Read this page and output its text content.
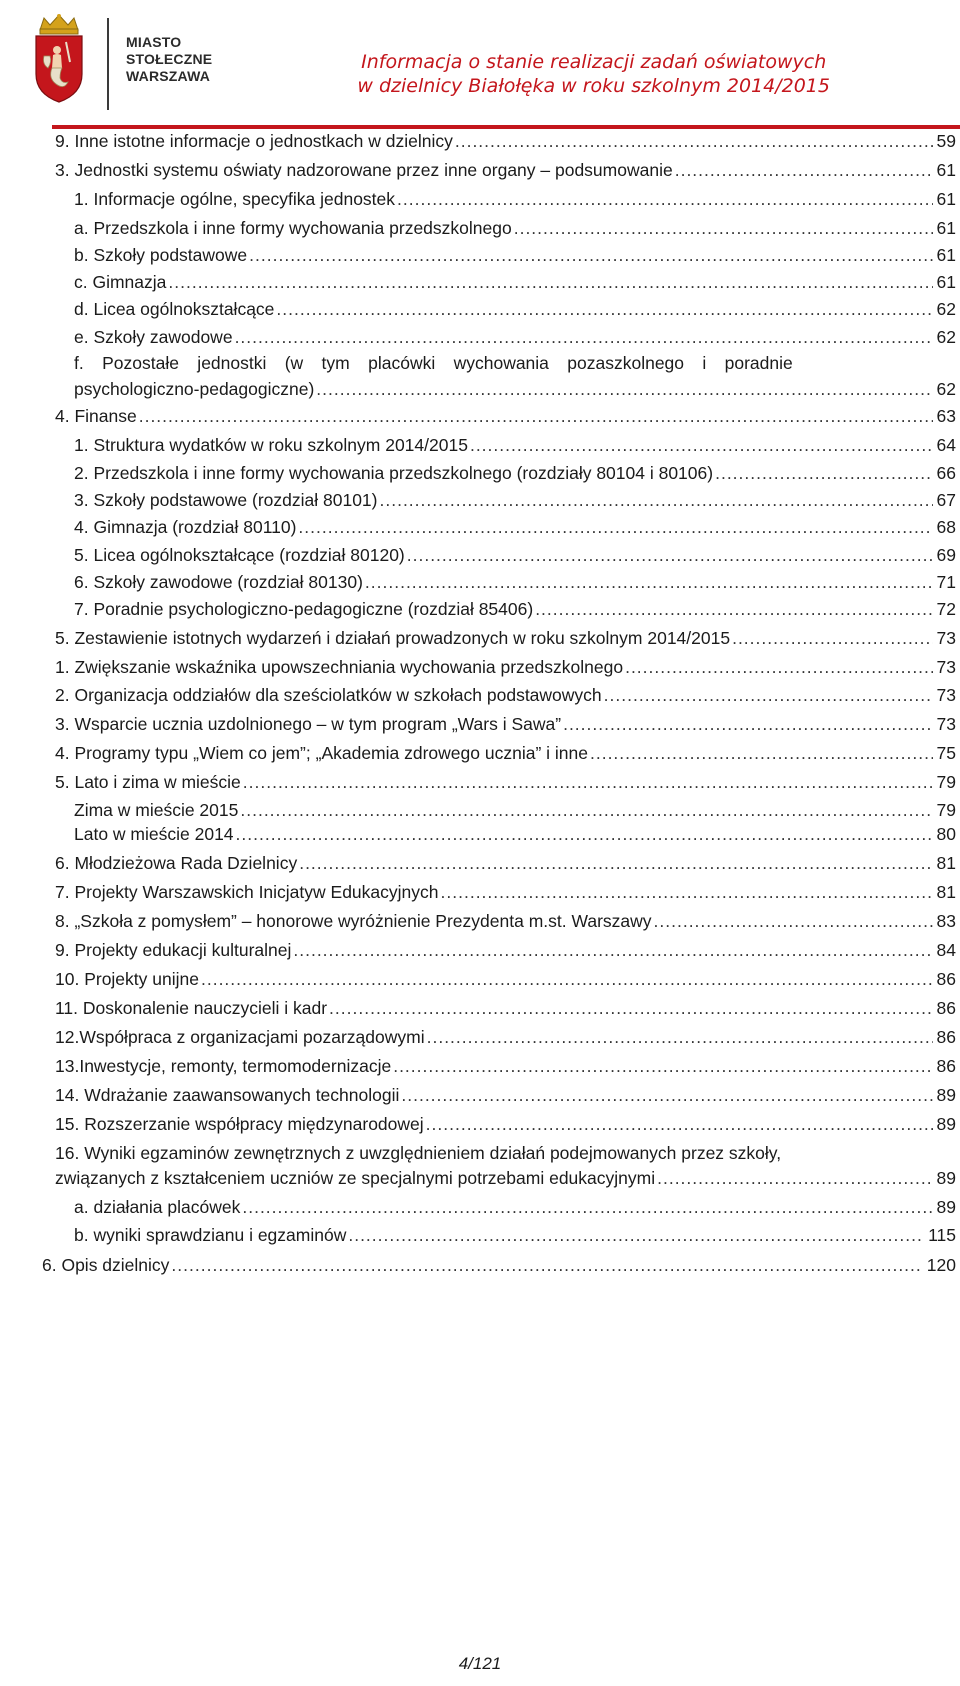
MIASTO
STOŁECZNE
WARSZAWA
Informacja o stanie realizacji zadań oświatowych
w dzielnicy Białołęka w roku szkolnym 2014/2015
9. Inne istotne informacje o jednostkach w dzielnicy .....	59
3. Jednostki systemu oświaty nadzorowane przez inne organy – podsumowanie .....	61
1. Informacje ogólne, specyfika jednostek .....	61
a. Przedszkola i inne formy wychowania przedszkolnego .....	61
b. Szkoły podstawowe .....	61
c. Gimnazja .....	61
d. Licea ogólnokształcące .....	62
e. Szkoły zawodowe .....	62
f. Pozostałe jednostki (w tym placówki wychowania pozaszkolnego i poradnie
psychologiczno-pedagogiczne) .....	62
4. Finanse .....	63
1. Struktura wydatków w roku szkolnym 2014/2015 .....	64
2. Przedszkola i inne formy wychowania przedszkolnego (rozdziały 80104 i 80106) .....	66
3. Szkoły podstawowe (rozdział 80101) .....	67
4. Gimnazja (rozdział 80110) .....	68
5. Licea ogólnokształcące (rozdział 80120) .....	69
6. Szkoły zawodowe (rozdział 80130) .....	71
7. Poradnie psychologiczno-pedagogiczne (rozdział 85406) .....	72
5. Zestawienie istotnych wydarzeń i działań prowadzonych w roku szkolnym 2014/2015 .....	73
1. Zwiększanie wskaźnika upowszechniania wychowania przedszkolnego .....	73
2. Organizacja oddziałów dla sześciolatków w szkołach podstawowych .....	73
3. Wsparcie ucznia uzdolnionego – w tym program „Wars i Sawa” .....	73
4. Programy typu „Wiem co jem”; „Akademia zdrowego ucznia” i inne .....	75
5. Lato i zima w mieście .....	79
Zima w mieście 2015 .....	79
Lato w mieście 2014 .....	80
6. Młodzieżowa Rada Dzielnicy .....	81
7. Projekty Warszawskich Inicjatyw Edukacyjnych .....	81
8. „Szkoła z pomysłem” – honorowe wyróżnienie Prezydenta m.st. Warszawy .....	83
9. Projekty edukacji kulturalnej .....	84
10. Projekty unijne .....	86
11. Doskonalenie nauczycieli i kadr .....	86
12.Współpraca z organizacjami pozarządowymi .....	86
13.Inwestycje, remonty, termomodernizacje .....	86
14. Wdrażanie zaawansowanych technologii .....	89
15. Rozszerzanie współpracy międzynarodowej .....	89
16. Wyniki egzaminów zewnętrznych z uwzględnieniem działań podejmowanych przez szkoły,
związanych z kształceniem uczniów ze specjalnymi potrzebami edukacyjnymi .....	89
a. działania placówek .....	89
b. wyniki sprawdzianu i egzaminów .....	115
6. Opis dzielnicy .....	120
4/121
